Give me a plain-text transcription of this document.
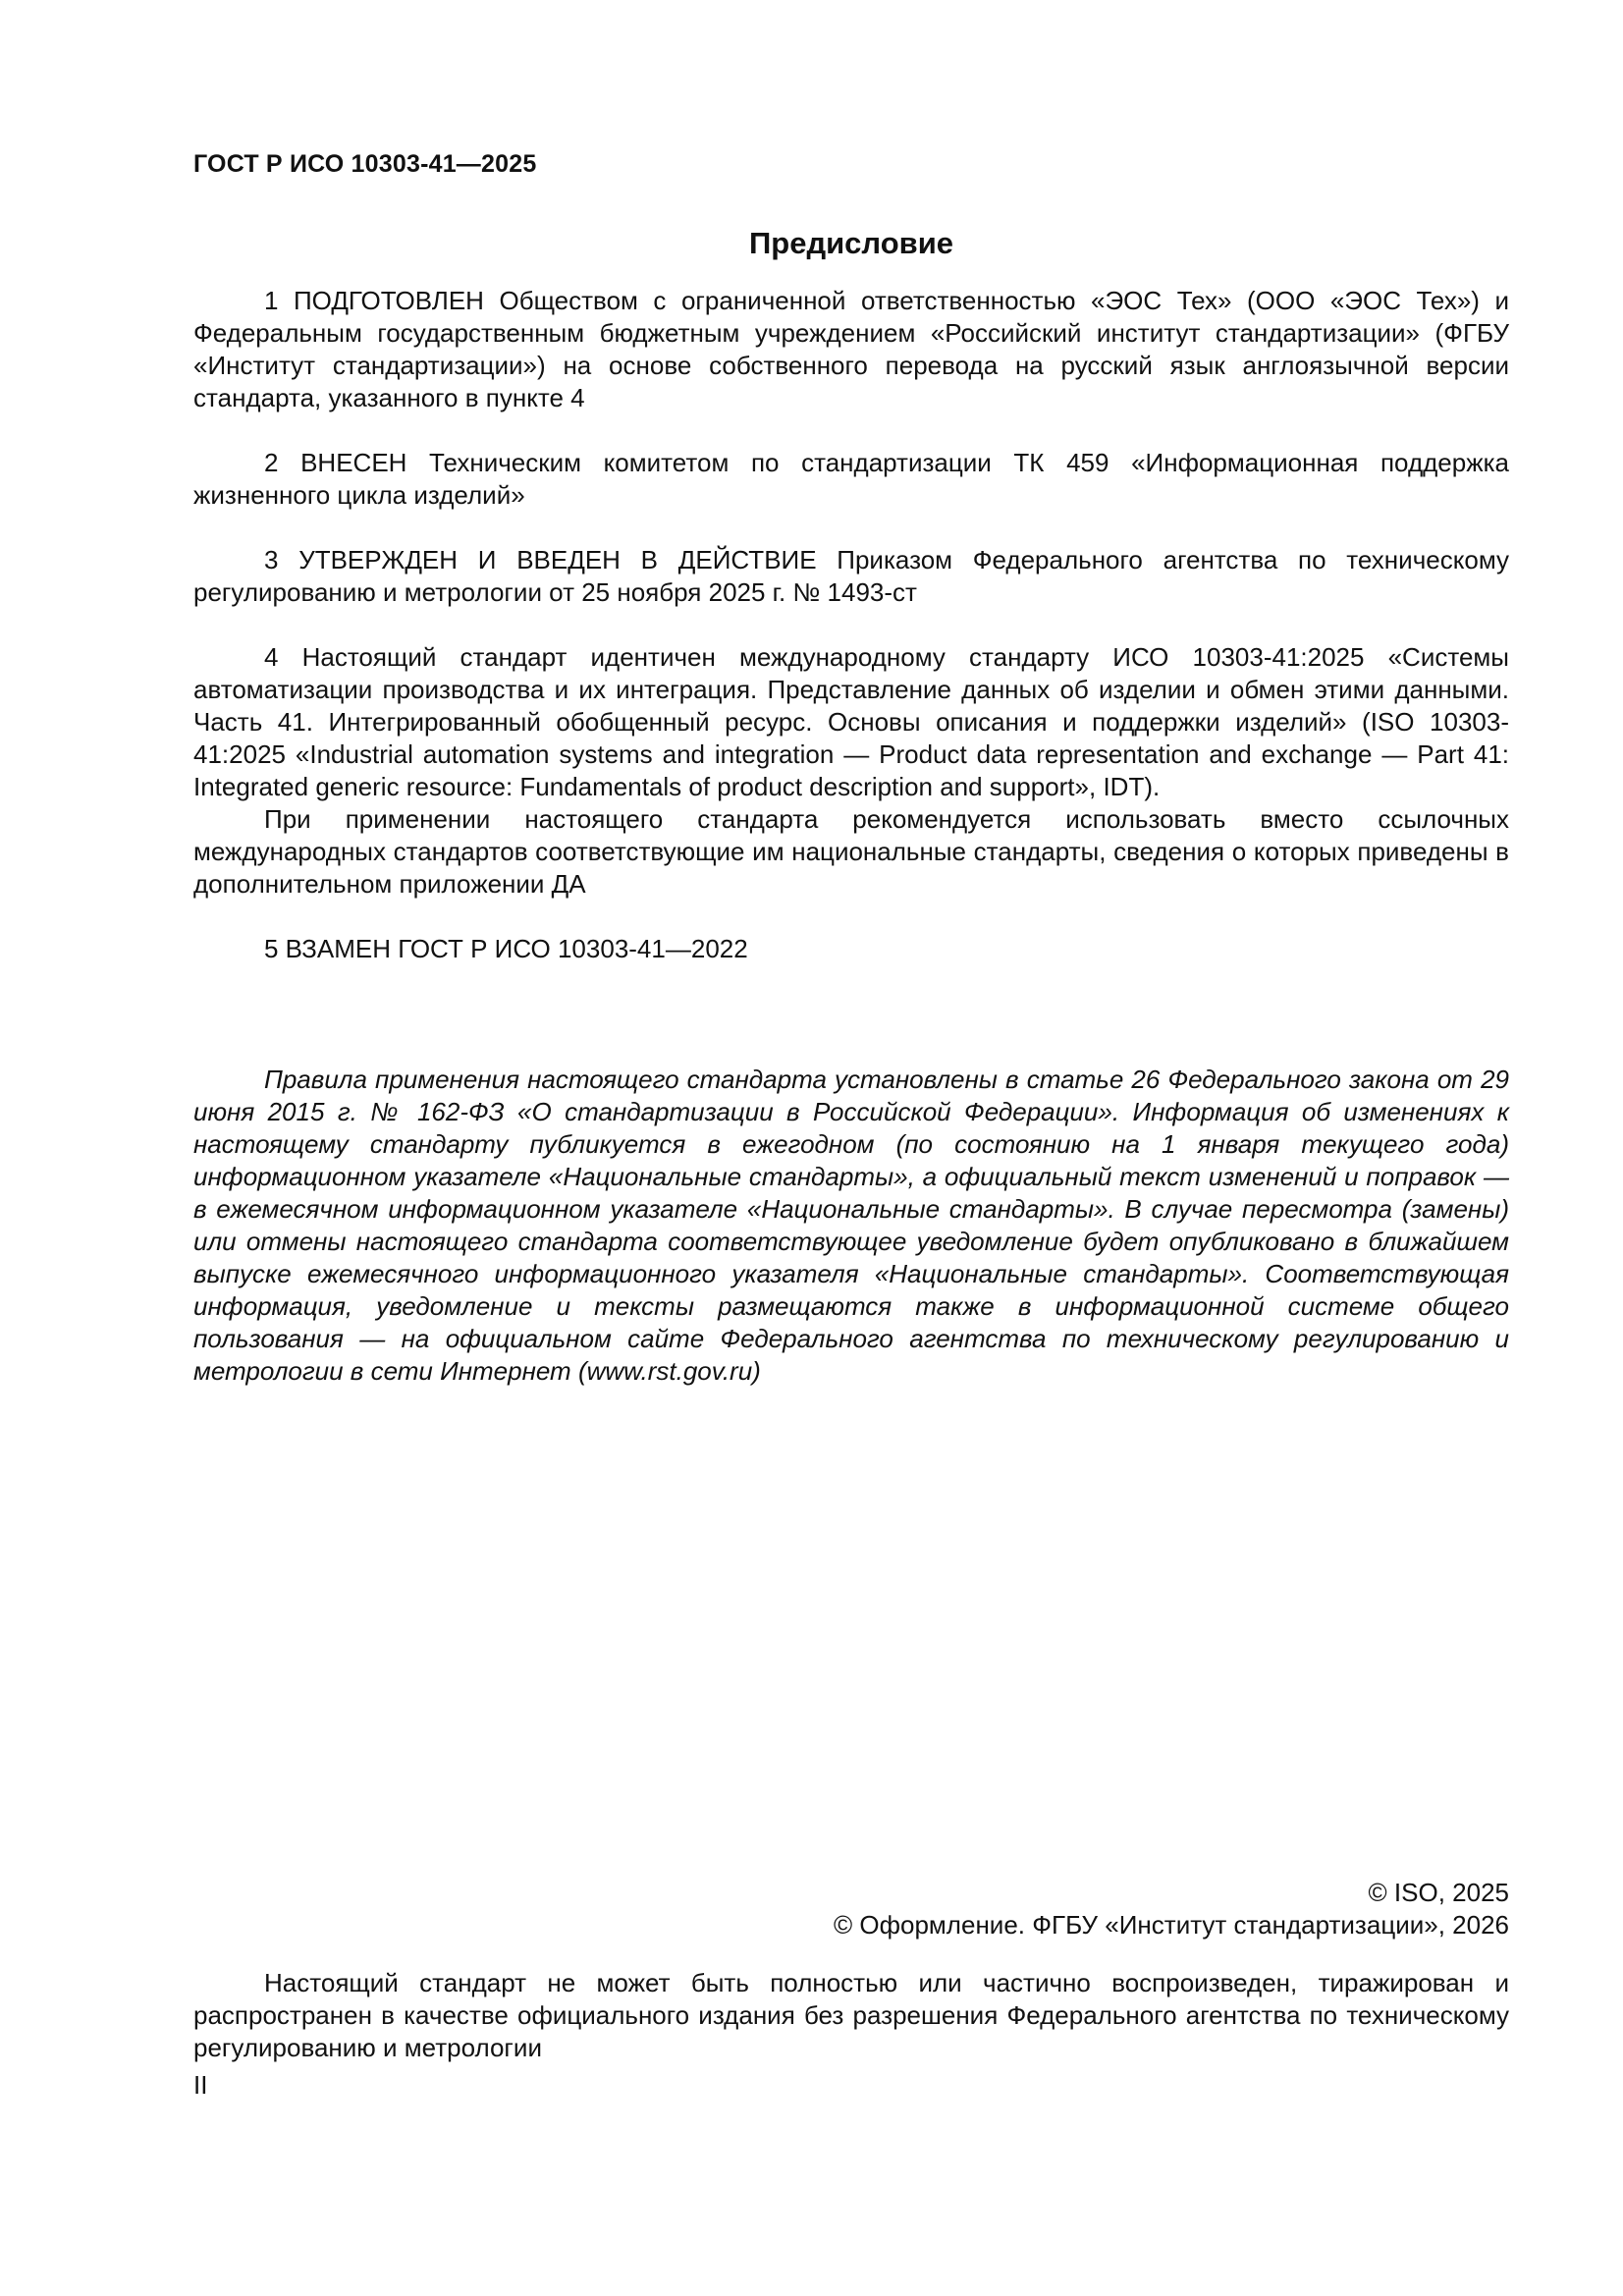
ГОСТ Р ИСО 10303-41—2025
Предисловие

1 ПОДГОТОВЛЕН Обществом с ограниченной ответственностью «ЭОС Тех» (ООО «ЭОС Тех») и Федеральным государственным бюджетным учреждением «Российский институт стандартизации» (ФГБУ «Институт стандартизации») на основе собственного перевода на русский язык англоязычной версии стандарта, указанного в пункте 4

2 ВНЕСЕН Техническим комитетом по стандартизации ТК 459 «Информационная поддержка жизненного цикла изделий»

3 УТВЕРЖДЕН И ВВЕДЕН В ДЕЙСТВИЕ Приказом Федерального агентства по техническому регулированию и метрологии от 25 ноября 2025 г. № 1493-ст

4 Настоящий стандарт идентичен международному стандарту ИСО 10303-41:2025 «Системы автоматизации производства и их интеграция. Представление данных об изделии и обмен этими данными. Часть 41. Интегрированный обобщенный ресурс. Основы описания и поддержки изделий» (ISO 10303-41:2025 «Industrial automation systems and integration — Product data representation and exchange — Part 41: Integrated generic resource: Fundamentals of product description and support», IDT).

При применении настоящего стандарта рекомендуется использовать вместо ссылочных международных стандартов соответствующие им национальные стандарты, сведения о которых приведены в дополнительном приложении ДА

5 ВЗАМЕН ГОСТ Р ИСО 10303-41—2022

Правила применения настоящего стандарта установлены в статье 26 Федерального закона от 29 июня 2015 г. № 162-ФЗ «О стандартизации в Российской Федерации». Информация об изменениях к настоящему стандарту публикуется в ежегодном (по состоянию на 1 января текущего года) информационном указателе «Национальные стандарты», а официальный текст изменений и поправок — в ежемесячном информационном указателе «Национальные стандарты». В случае пересмотра (замены) или отмены настоящего стандарта соответствующее уведомление будет опубликовано в ближайшем выпуске ежемесячного информационного указателя «Национальные стандарты». Соответствующая информация, уведомление и тексты размещаются также в информационной системе общего пользования — на официальном сайте Федерального агентства по техническому регулированию и метрологии в сети Интернет (www.rst.gov.ru)

© ISO, 2025
© Оформление. ФГБУ «Институт стандартизации», 2026

Настоящий стандарт не может быть полностью или частично воспроизведен, тиражирован и распространен в качестве официального издания без разрешения Федерального агентства по техническому регулированию и метрологии

II
